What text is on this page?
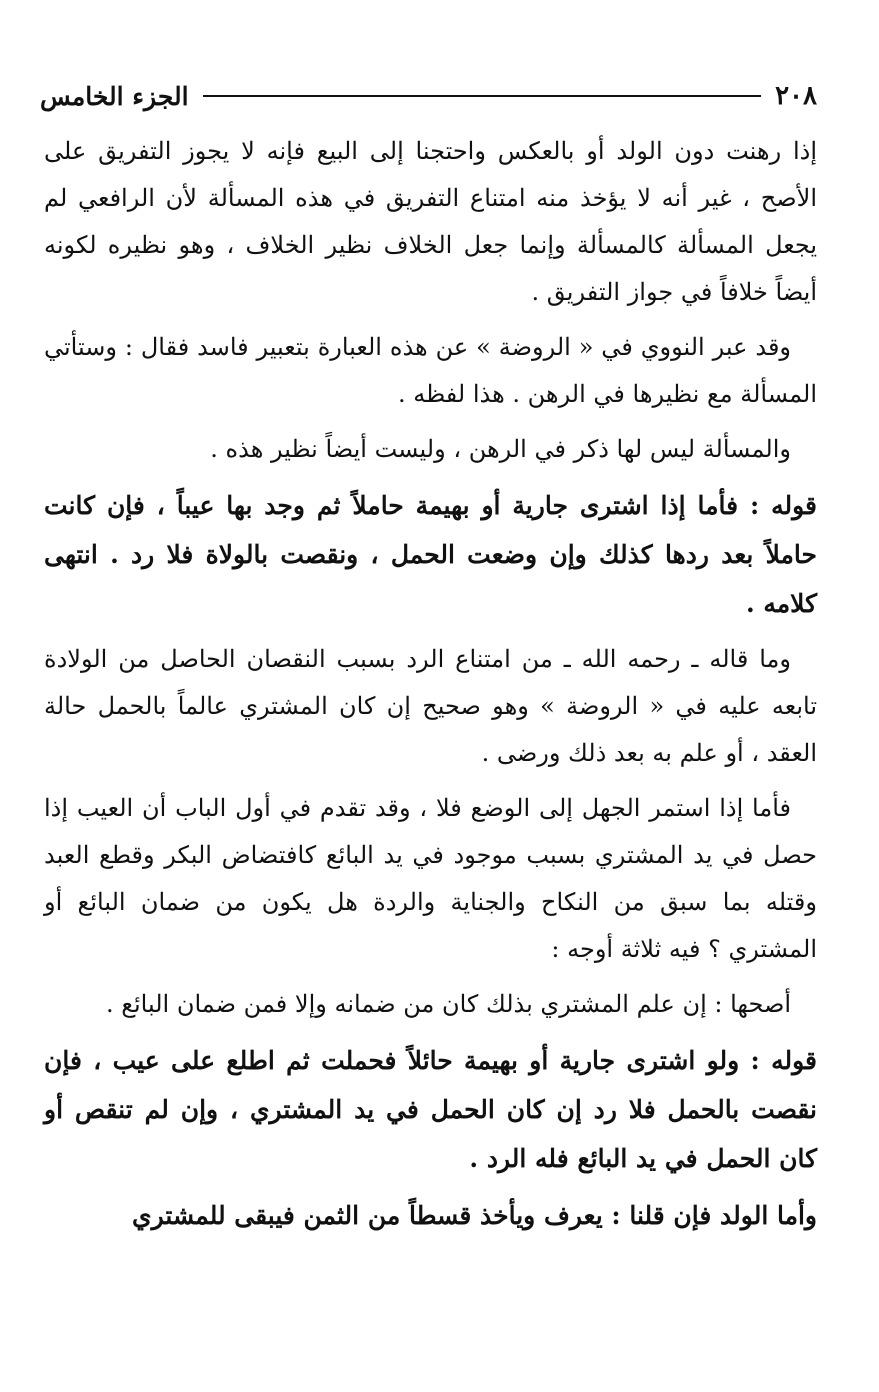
الجزء الخامس	٢٠٨

إذا رهنت دون الولد أو بالعكس واحتجنا إلى البيع فإنه لا يجوز التفريق على الأصح ، غير أنه لا يؤخذ منه امتناع التفريق في هذه المسألة لأن الرافعي لم يجعل المسألة كالمسألة وإنما جعل الخلاف نظير الخلاف ، وهو نظيره لكونه أيضاً خلافاً في جواز التفريق .

وقد عبر النووي في « الروضة » عن هذه العبارة بتعبير فاسد فقال : وستأتي المسألة مع نظيرها في الرهن . هذا لفظه .

والمسألة ليس لها ذكر في الرهن ، وليست أيضاً نظير هذه .

قوله : فأما إذا اشترى جارية أو بهيمة حاملاً ثم وجد بها عيباً ، فإن كانت حاملاً بعد ردها كذلك وإن وضعت الحمل ، ونقصت بالولاة فلا رد . انتهى كلامه .

وما قاله ـ رحمه الله ـ من امتناع الرد بسبب النقصان الحاصل من الولادة تابعه عليه في « الروضة » وهو صحيح إن كان المشتري عالماً بالحمل حالة العقد ، أو علم به بعد ذلك ورضى .

فأما إذا استمر الجهل إلى الوضع فلا ، وقد تقدم في أول الباب أن العيب إذا حصل في يد المشتري بسبب موجود في يد البائع كافتضاض البكر وقطع العبد وقتله بما سبق من النكاح والجناية والردة هل يكون من ضمان البائع أو المشتري ؟ فيه ثلاثة أوجه :

أصحها : إن علم المشتري بذلك كان من ضمانه وإلا فمن ضمان البائع .

قوله : ولو اشترى جارية أو بهيمة حائلاً فحملت ثم اطلع على عيب ، فإن نقصت بالحمل فلا رد إن كان الحمل في يد المشتري ، وإن لم تنقص أو كان الحمل في يد البائع فله الرد .

وأما الولد فإن قلنا : يعرف ويأخذ قسطاً من الثمن فيبقى للمشتري
